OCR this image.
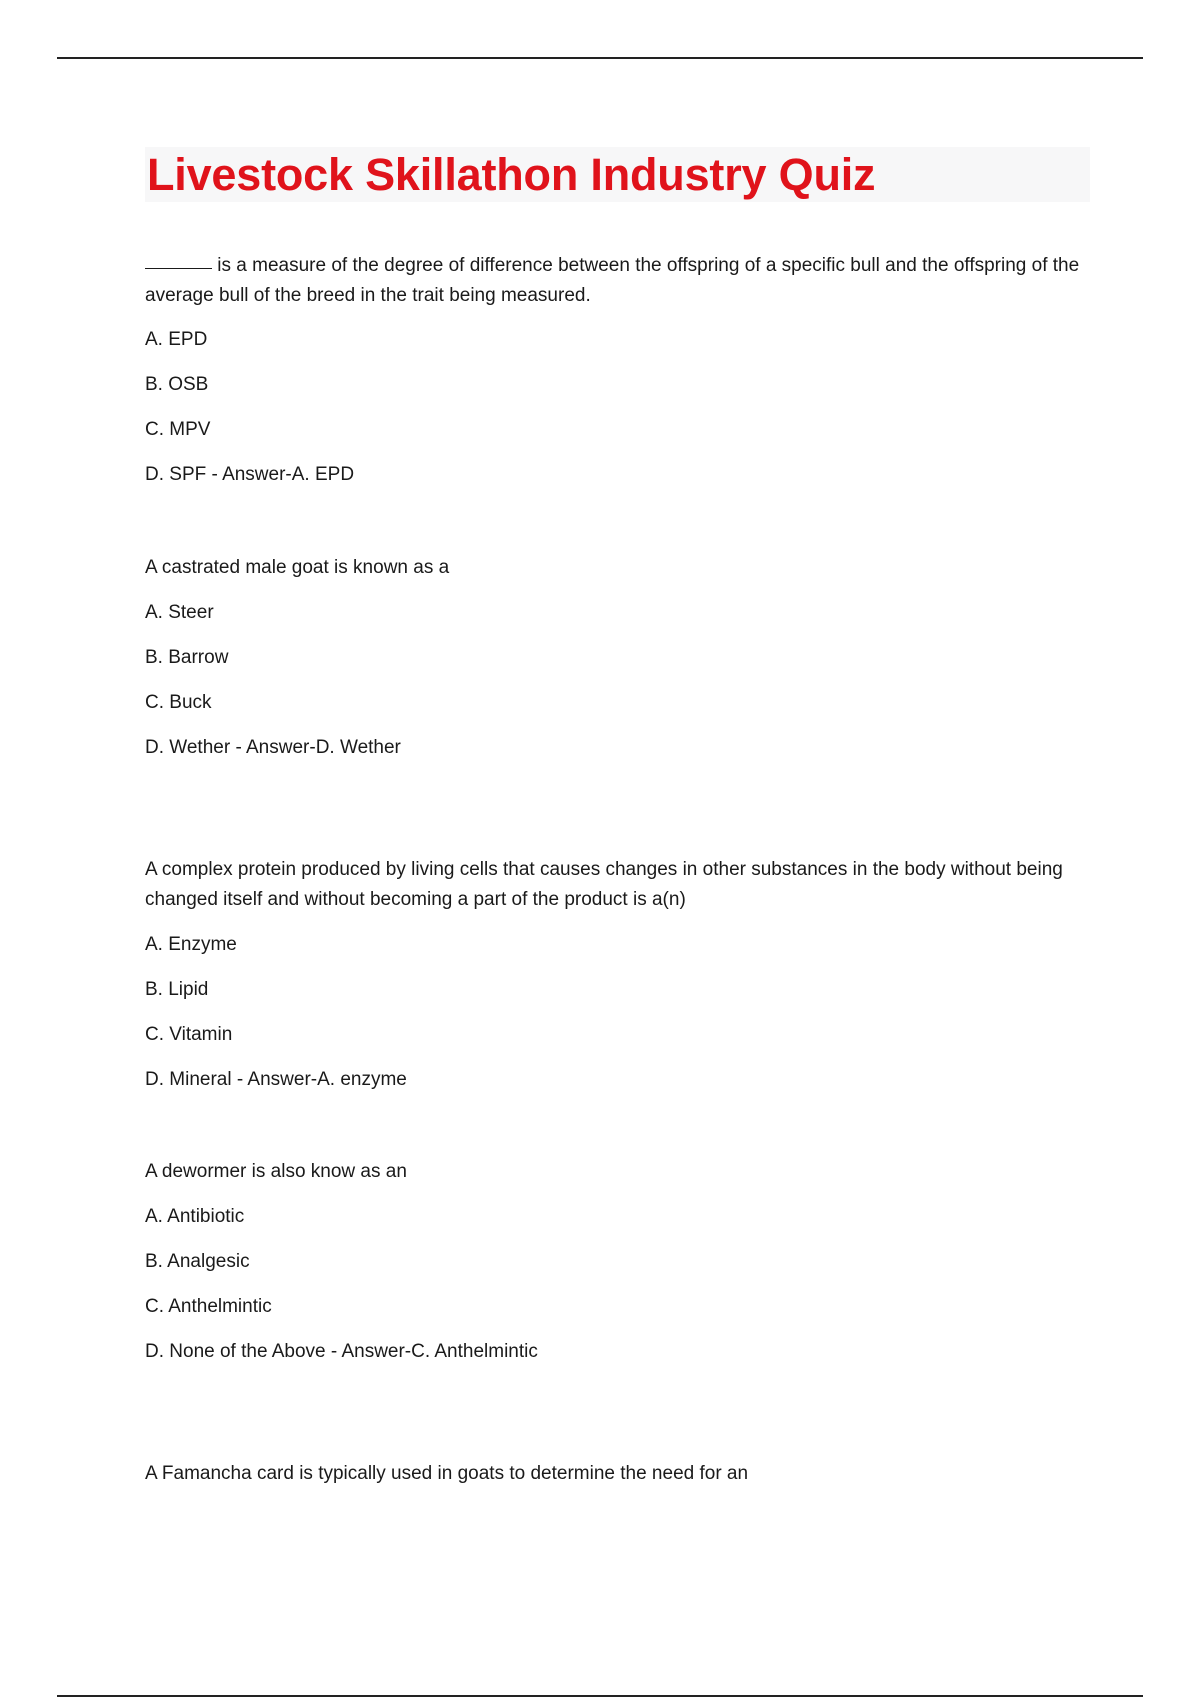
Livestock Skillathon Industry Quiz

is a measure of the degree of difference between the offspring of a specific bull and the offspring of the average bull of the breed in the trait being measured.

A. EPD
B. OSB
C. MPV
D. SPF - Answer-A. EPD

A castrated male goat is known as a

A. Steer
B. Barrow
C. Buck
D. Wether - Answer-D. Wether

A complex protein produced by living cells that causes changes in other substances in the body without being changed itself and without becoming a part of the product is a(n)

A. Enzyme
B. Lipid
C. Vitamin
D. Mineral - Answer-A. enzyme

A dewormer is also know as an

A. Antibiotic
B. Analgesic
C. Anthelmintic
D. None of the Above - Answer-C. Anthelmintic

A Famancha card is typically used in goats to determine the need for an
